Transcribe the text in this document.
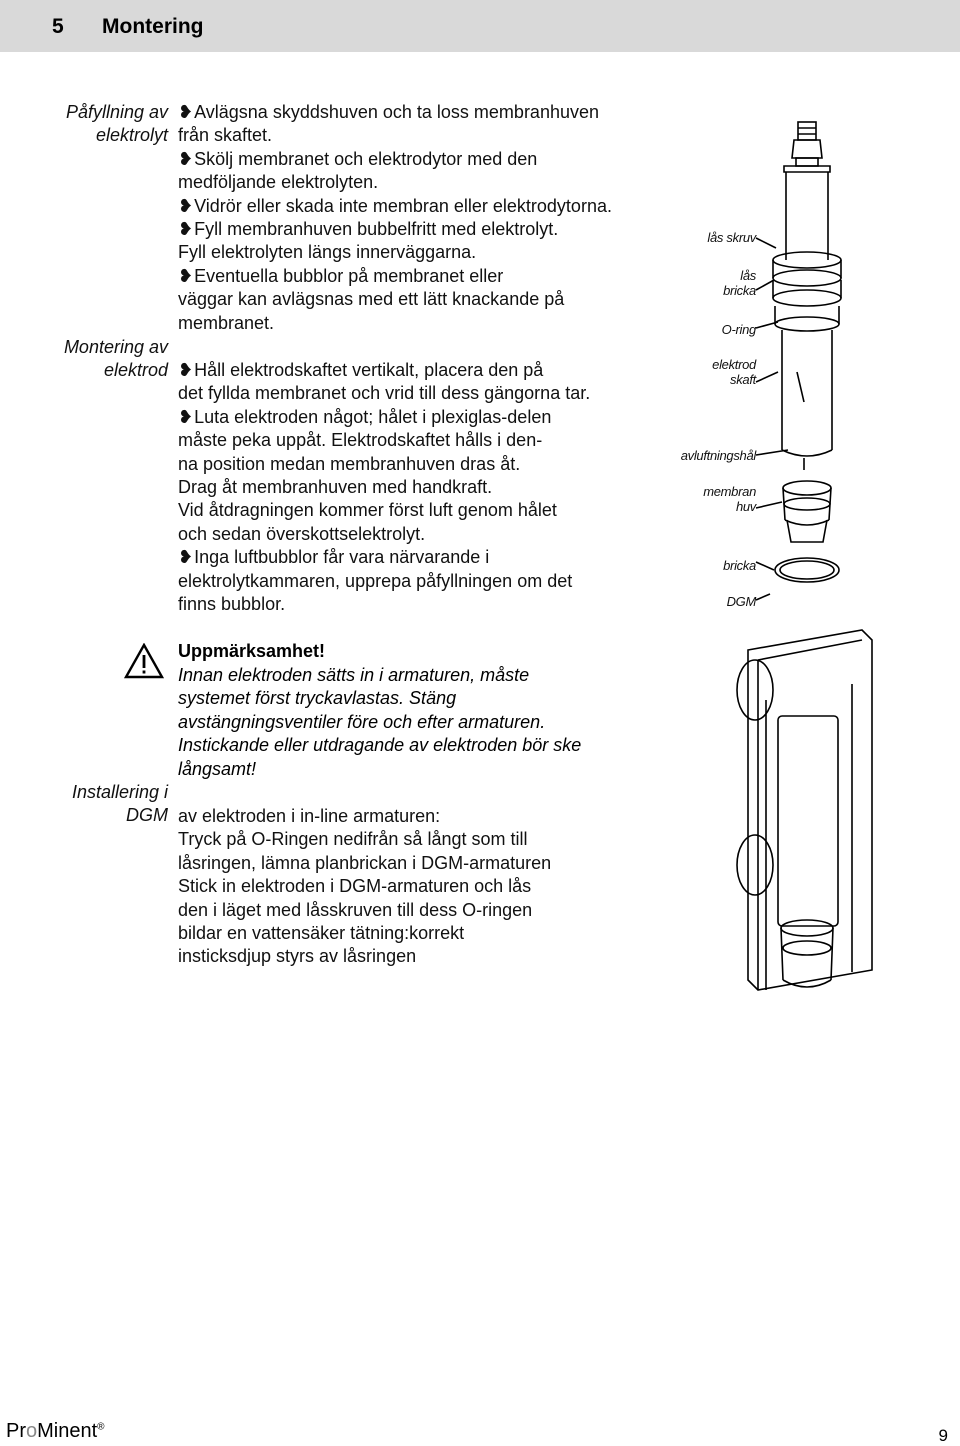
5 Montering
Påfyllning av
elektrolyt
Montering av
elektrod
Installering i
DGM

❥Avlägsna skyddshuven och ta loss membranhuven
från skaftet.

❥Skölj membranet och elektrodytor med den
medföljande elektrolyten.

❥Vidrör eller skada inte membran eller elektrodytorna.

❥Fyll membranhuven bubbelfritt med elektrolyt.
Fyll elektrolyten längs innerväggarna.

❥Eventuella bubblor på membranet eller
väggar kan avlägsnas med ett lätt knackande på
membranet.

❥Håll elektrodskaftet vertikalt, placera den på
det fyllda membranet och vrid till dess gängorna tar.

❥Luta elektroden något; hålet i plexiglas-delen
måste peka uppåt. Elektrodskaftet hålls i den-
na position medan membranhuven dras åt.
Drag åt membranhuven med handkraft.
Vid åtdragningen kommer först luft genom hålet
och sedan överskottselektrolyt.

❥Inga luftbubblor får vara närvarande i
elektrolytkammaren, upprepa påfyllningen om det
finns bubblor.

Uppmärksamhet!
Innan elektroden sätts in i armaturen, måste
systemet först tryckavlastas. Stäng
avstängningsventiler före och efter armaturen.
Instickande eller utdragande av elektroden bör ske
långsamt!
av elektroden i in-line armaturen:
Tryck på O-Ringen nedifrån så långt som till
låsringen, lämna planbrickan i DGM-armaturen
Stick in elektroden i DGM-armaturen och lås
den i läget med låsskruven till dess O-ringen
bildar en vattensäker tätning:korrekt
insticksdjup styrs av låsringen
lås skruv
lås
bricka
O-ring
elektrod
skaft
avluftningshål
membran
huv
bricka
DGM
ProMinent®	9
